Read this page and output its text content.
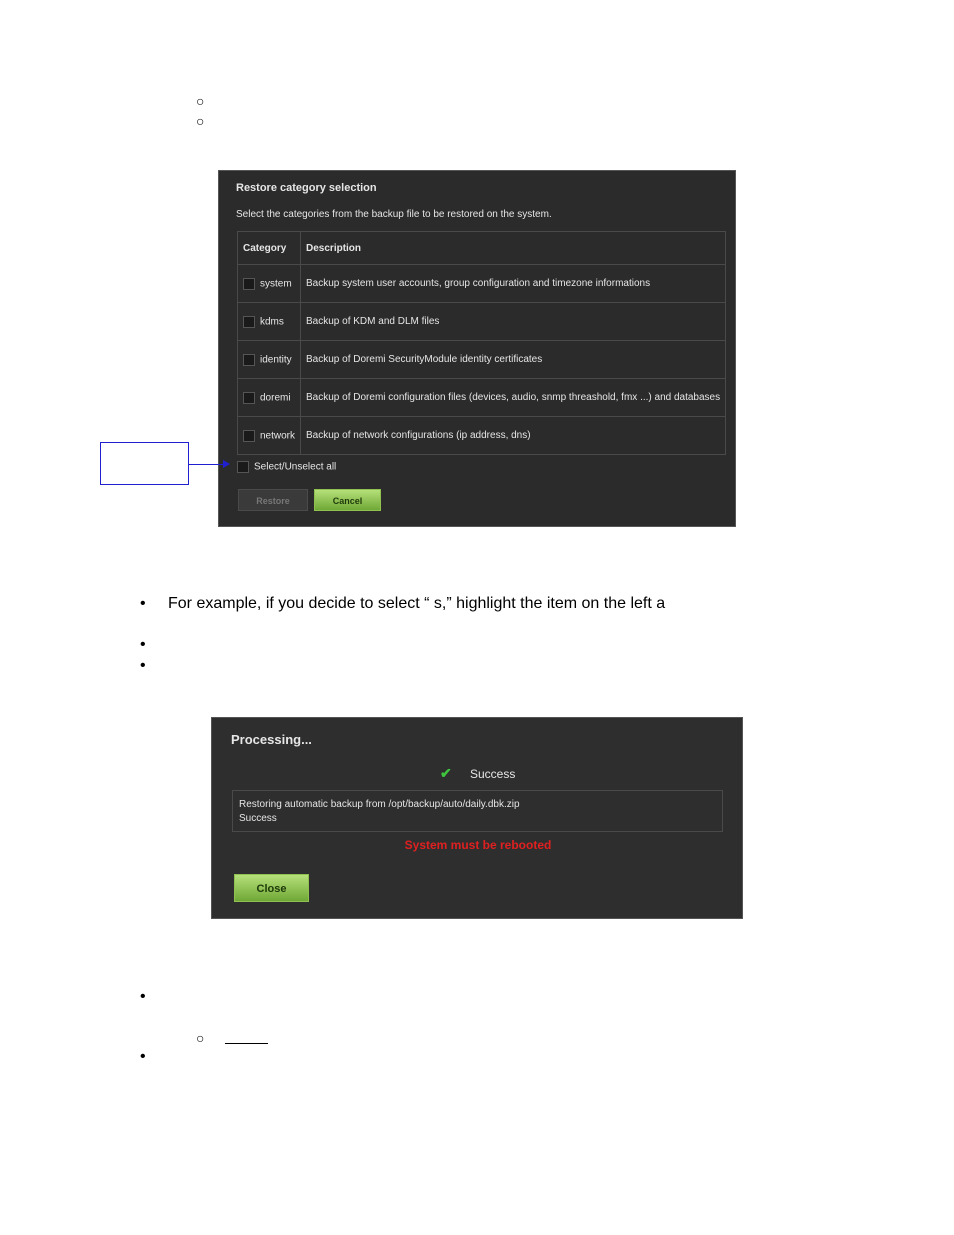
○
○
Restore category selection
Select the categories from the backup file to be restored on the system.
Category	Description
system	Backup system user accounts, group configuration and timezone informations
kdms	Backup of KDM and DLM files
identity	Backup of Doremi SecurityModule identity certificates
doremi	Backup of Doremi configuration files (devices, audio, snmp threashold, fmx ...) and databases
network	Backup of network configurations (ip address, dns)
Select/Unselect all
Restore	Cancel
• For example, if you decide to select “ s,” highlight the item on the left a
•
•
Processing...
✔ Success
Restoring automatic backup from /opt/backup/auto/daily.dbk.zip
Success
System must be rebooted
Close
•
○
•
